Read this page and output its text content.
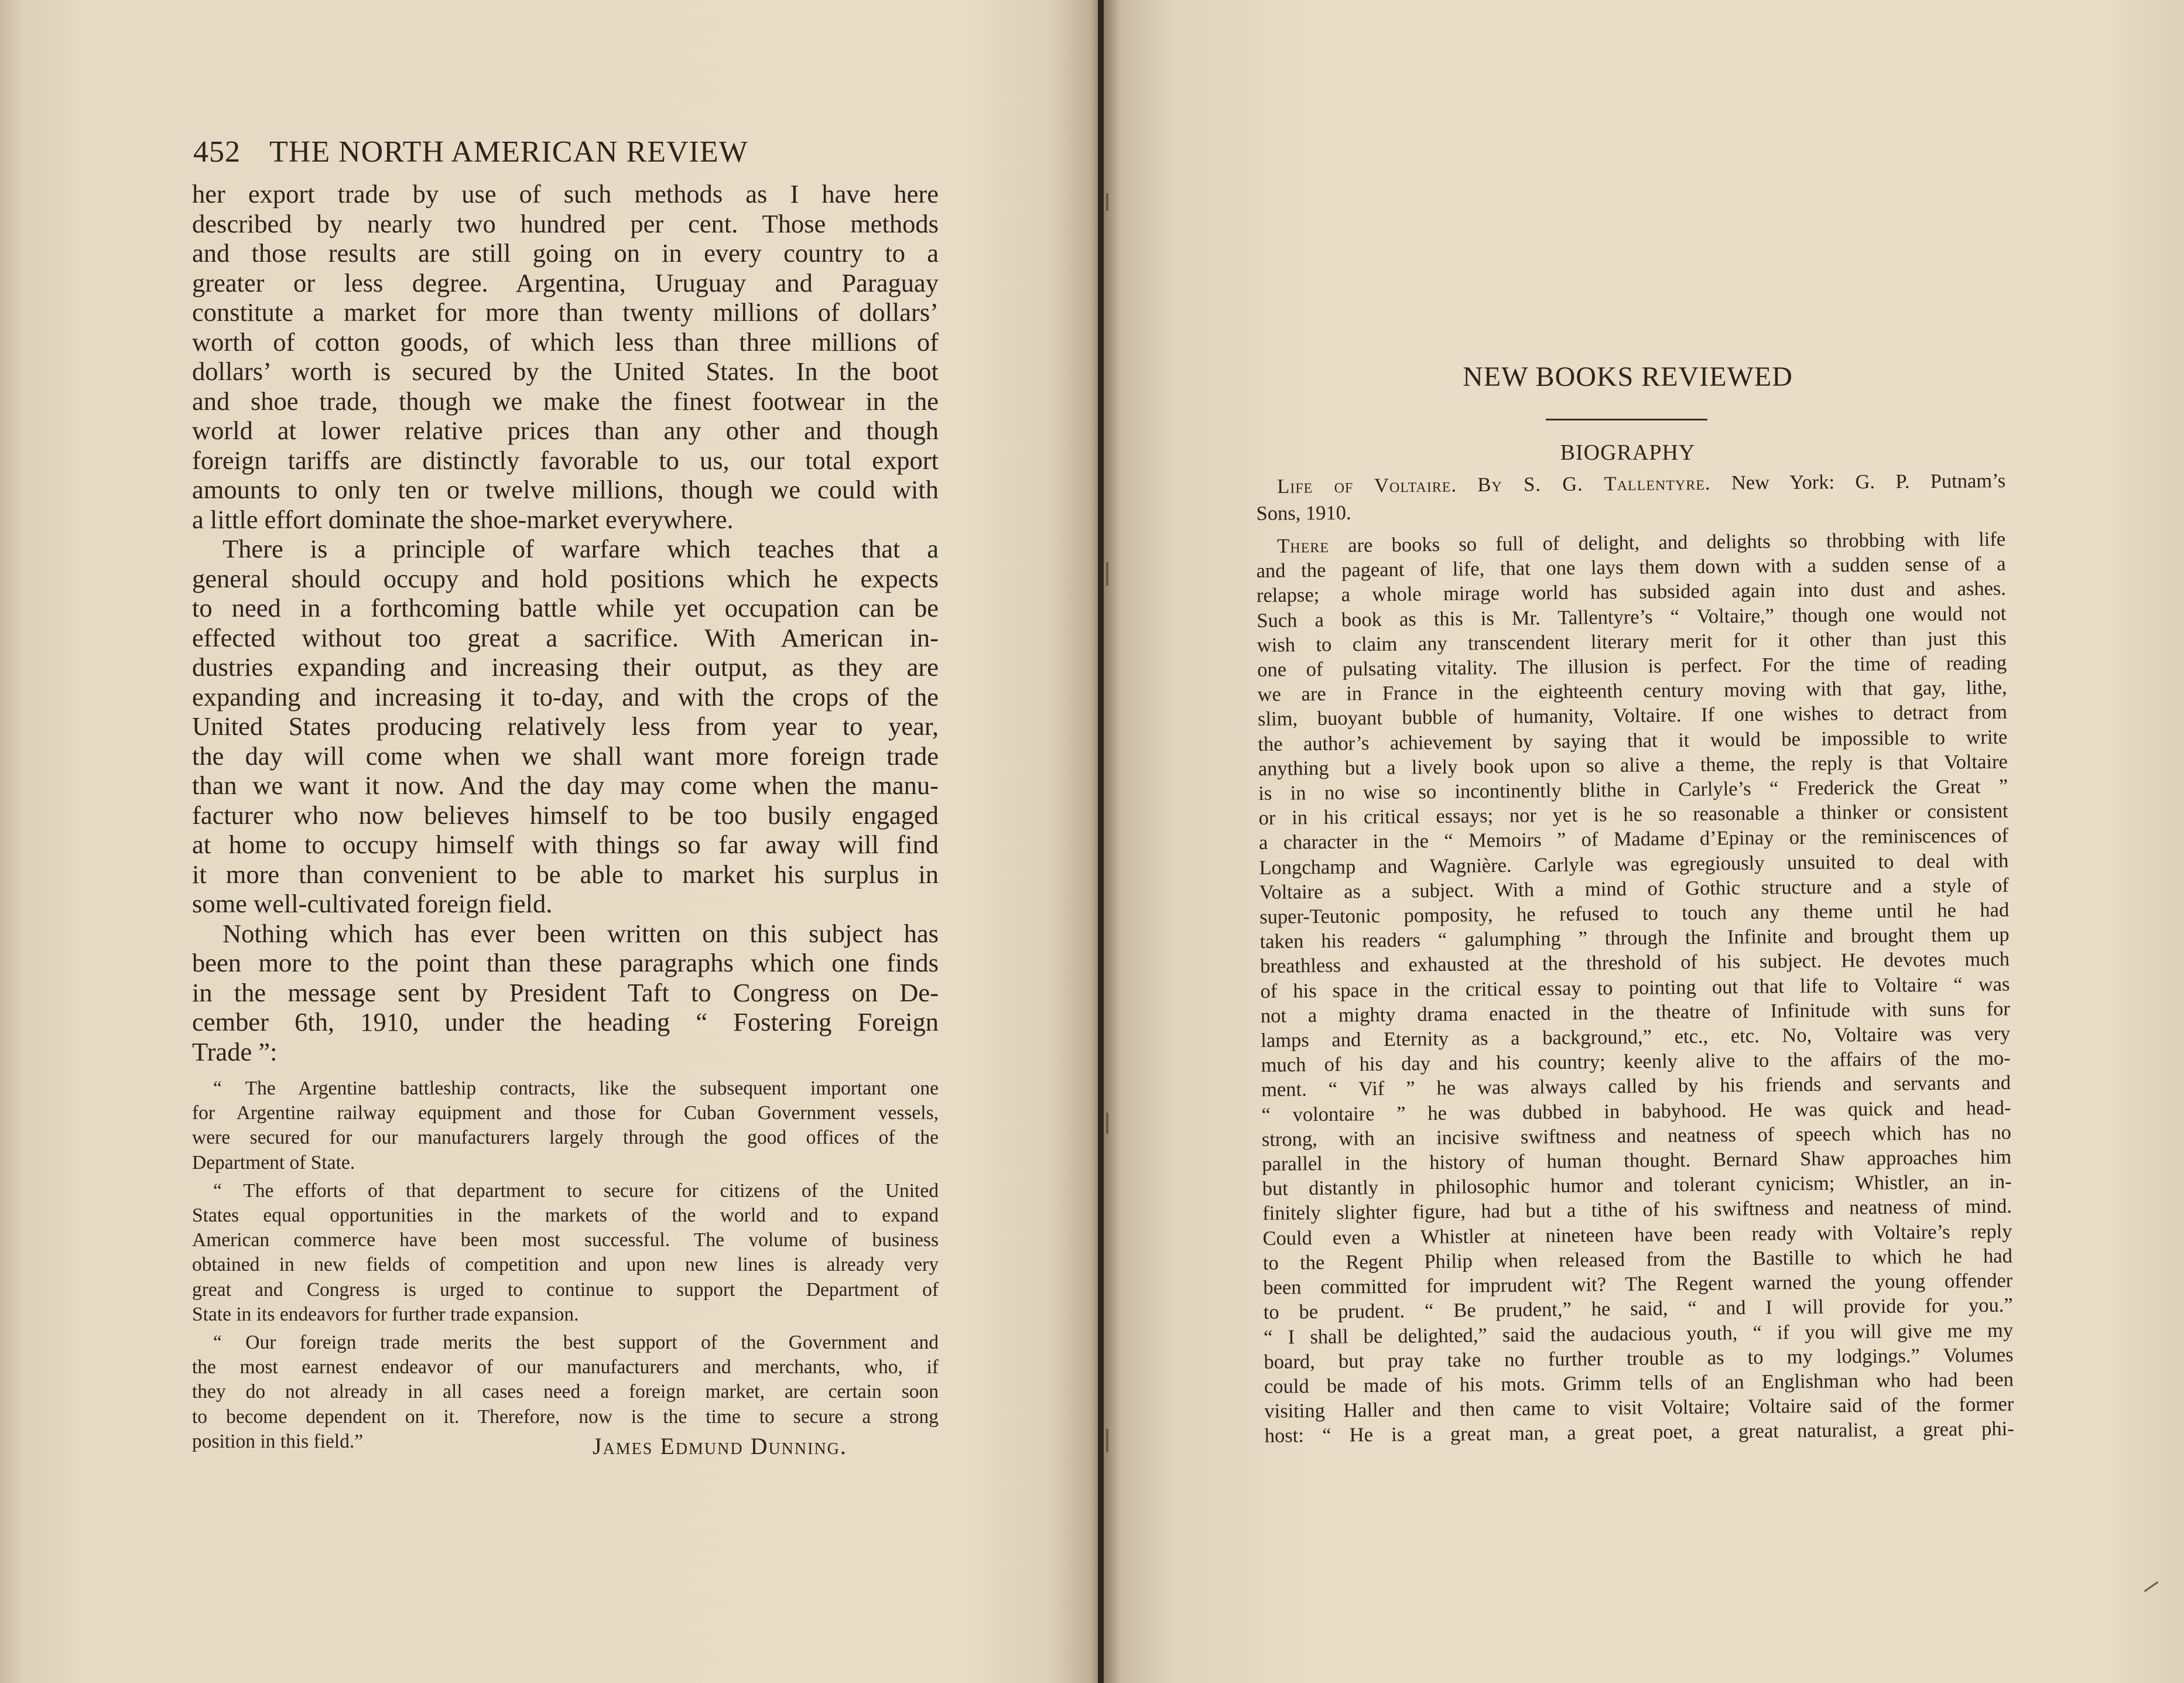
452 THE NORTH AMERICAN REVIEW
her export trade by use of such methods as I have here
described by nearly two hundred per cent. Those methods
and those results are still going on in every country to a
greater or less degree. Argentina, Uruguay and Paraguay
constitute a market for more than twenty millions of dollars’
worth of cotton goods, of which less than three millions of
dollars’ worth is secured by the United States. In the boot
and shoe trade, though we make the finest footwear in the
world at lower relative prices than any other and though
foreign tariffs are distinctly favorable to us, our total export
amounts to only ten or twelve millions, though we could with
a little effort dominate the shoe-market everywhere.
There is a principle of warfare which teaches that a
general should occupy and hold positions which he expects
to need in a forthcoming battle while yet occupation can be
effected without too great a sacrifice. With American in-
dustries expanding and increasing their output, as they are
expanding and increasing it to-day, and with the crops of the
United States producing relatively less from year to year,
the day will come when we shall want more foreign trade
than we want it now. And the day may come when the manu-
facturer who now believes himself to be too busily engaged
at home to occupy himself with things so far away will find
it more than convenient to be able to market his surplus in
some well-cultivated foreign field.
Nothing which has ever been written on this subject has
been more to the point than these paragraphs which one finds
in the message sent by President Taft to Congress on De-
cember 6th, 1910, under the heading “ Fostering Foreign
Trade ”:
“ The Argentine battleship contracts, like the subsequent important one
for Argentine railway equipment and those for Cuban Government vessels,
were secured for our manufacturers largely through the good offices of the
Department of State.
“ The efforts of that department to secure for citizens of the United
States equal opportunities in the markets of the world and to expand
American commerce have been most successful. The volume of business
obtained in new fields of competition and upon new lines is already very
great and Congress is urged to continue to support the Department of
State in its endeavors for further trade expansion.
“ Our foreign trade merits the best support of the Government and
the most earnest endeavor of our manufacturers and merchants, who, if
they do not already in all cases need a foreign market, are certain soon
to become dependent on it. Therefore, now is the time to secure a strong
position in this field.”	James Edmund Dunning.
NEW BOOKS REVIEWED
BIOGRAPHY
Life of Voltaire. By S. G. Tallentyre. New York: G. P. Putnam’s
Sons, 1910.
There are books so full of delight, and delights so throbbing with life
and the pageant of life, that one lays them down with a sudden sense of a
relapse; a whole mirage world has subsided again into dust and ashes.
Such a book as this is Mr. Tallentyre’s “ Voltaire,” though one would not
wish to claim any transcendent literary merit for it other than just this
one of pulsating vitality. The illusion is perfect. For the time of reading
we are in France in the eighteenth century moving with that gay, lithe,
slim, buoyant bubble of humanity, Voltaire. If one wishes to detract from
the author’s achievement by saying that it would be impossible to write
anything but a lively book upon so alive a theme, the reply is that Voltaire
is in no wise so incontinently blithe in Carlyle’s “ Frederick the Great ”
or in his critical essays; nor yet is he so reasonable a thinker or consistent
a character in the “ Memoirs ” of Madame d’Epinay or the reminiscences of
Longchamp and Wagnière. Carlyle was egregiously unsuited to deal with
Voltaire as a subject. With a mind of Gothic structure and a style of
super-Teutonic pomposity, he refused to touch any theme until he had
taken his readers “ galumphing ” through the Infinite and brought them up
breathless and exhausted at the threshold of his subject. He devotes much
of his space in the critical essay to pointing out that life to Voltaire “ was
not a mighty drama enacted in the theatre of Infinitude with suns for
lamps and Eternity as a background,” etc., etc. No, Voltaire was very
much of his day and his country; keenly alive to the affairs of the mo-
ment. “ Vif ” he was always called by his friends and servants and
“ volontaire ” he was dubbed in babyhood. He was quick and head-
strong, with an incisive swiftness and neatness of speech which has no
parallel in the history of human thought. Bernard Shaw approaches him
but distantly in philosophic humor and tolerant cynicism; Whistler, an in-
finitely slighter figure, had but a tithe of his swiftness and neatness of mind.
Could even a Whistler at nineteen have been ready with Voltaire’s reply
to the Regent Philip when released from the Bastille to which he had
been committed for imprudent wit? The Regent warned the young offender
to be prudent. “ Be prudent,” he said, “ and I will provide for you.”
“ I shall be delighted,” said the audacious youth, “ if you will give me my
board, but pray take no further trouble as to my lodgings.” Volumes
could be made of his mots. Grimm tells of an Englishman who had been
visiting Haller and then came to visit Voltaire; Voltaire said of the former
host: “ He is a great man, a great poet, a great naturalist, a great phi-
